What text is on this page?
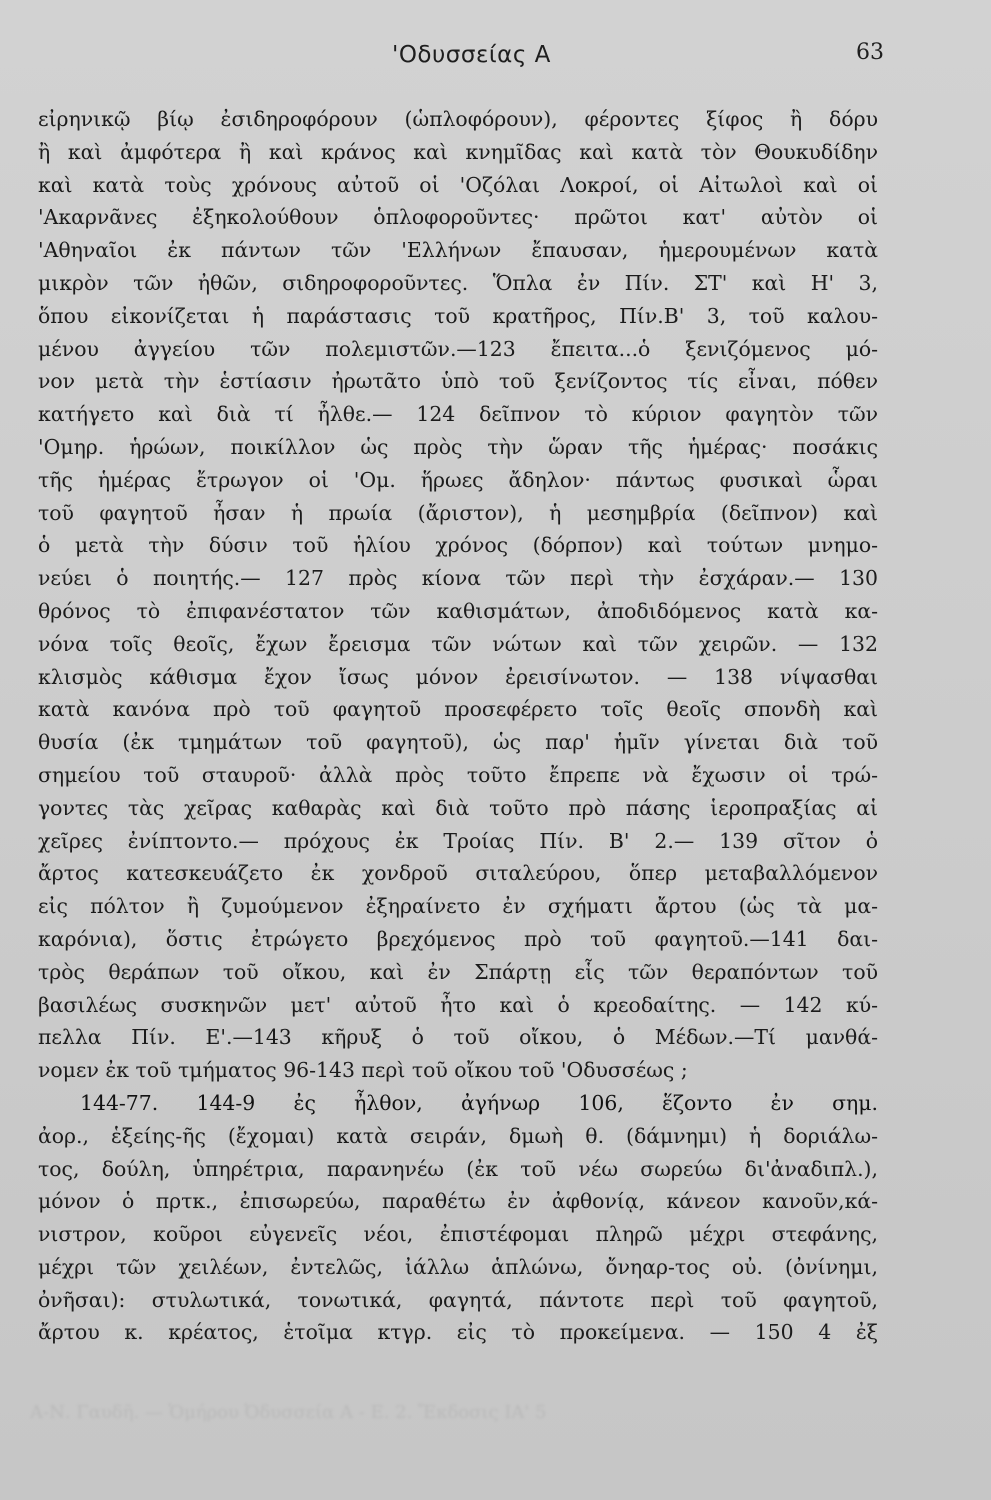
'Οδυσσείας Α	63
εἰρηνικῷ βίῳ ἐσιδηροφόρουν (ὡπλοφόρουν), φέροντες ξίφος ἢ δόρυ
ἢ καὶ ἀμφότερα ἢ καὶ κράνος καὶ κνημῖδας καὶ κατὰ τὸν Θουκυδίδην
καὶ κατὰ τοὺς χρόνους αὐτοῦ οἱ 'Οζόλαι Λοκροί, οἱ Αἰτωλοὶ καὶ οἱ
'Ακαρνᾶνες ἐξηκολούθουν ὁπλοφοροῦντες· πρῶτοι κατ' αὐτὸν οἱ
'Αθηναῖοι ἐκ πάντων τῶν 'Ελλήνων ἔπαυσαν, ἡμερουμένων κατὰ
μικρὸν τῶν ἠθῶν, σιδηροφοροῦντες. Ὅπλα ἐν Πίν. ΣΤ' καὶ Η' 3,
ὅπου εἰκονίζεται ἡ παράστασις τοῦ κρατῆρος, Πίν.Β' 3, τοῦ καλου-
μένου ἀγγείου τῶν πολεμιστῶν.—123 ἔπειτα...ὁ ξενιζόμενος μό-
νον μετὰ τὴν ἑστίασιν ἠρωτᾶτο ὑπὸ τοῦ ξενίζοντος τίς εἶναι, πόθεν
κατήγετο καὶ διὰ τί ἦλθε.— 124 δεῖπνον τὸ κύριον φαγητὸν τῶν
'Ομηρ. ἡρώων, ποικίλλον ὡς πρὸς τὴν ὥραν τῆς ἡμέρας· ποσάκις
τῆς ἡμέρας ἔτρωγον οἱ 'Ομ. ἥρωες ἄδηλον· πάντως φυσικαὶ ὧραι
τοῦ φαγητοῦ ἦσαν ἡ πρωία (ἄριστον), ἡ μεσημβρία (δεῖπνον) καὶ
ὁ μετὰ τὴν δύσιν τοῦ ἡλίου χρόνος (δόρπον) καὶ τούτων μνημο-
νεύει ὁ ποιητής.— 127 πρὸς κίονα τῶν περὶ τὴν ἐσχάραν.— 130
θρόνος τὸ ἐπιφανέστατον τῶν καθισμάτων, ἀποδιδόμενος κατὰ κα-
νόνα τοῖς θεοῖς, ἔχων ἔρεισμα τῶν νώτων καὶ τῶν χειρῶν. — 132
κλισμὸς κάθισμα ἔχον ἴσως μόνον ἐρεισίνωτον. — 138 νίψασθαι
κατὰ κανόνα πρὸ τοῦ φαγητοῦ προσεφέρετο τοῖς θεοῖς σπονδὴ καὶ
θυσία (ἐκ τμημάτων τοῦ φαγητοῦ), ὡς παρ' ἡμῖν γίνεται διὰ τοῦ
σημείου τοῦ σταυροῦ· ἀλλὰ πρὸς τοῦτο ἔπρεπε νὰ ἔχωσιν οἱ τρώ-
γοντες τὰς χεῖρας καθαρὰς καὶ διὰ τοῦτο πρὸ πάσης ἱεροπραξίας αἱ
χεῖρες ἐνίπτοντο.— πρόχους ἐκ Τροίας Πίν. Β' 2.— 139 σῖτον ὁ
ἄρτος κατεσκευάζετο ἐκ χονδροῦ σιταλεύρου, ὅπερ μεταβαλλόμενον
εἰς πόλτον ἢ ζυμούμενον ἐξηραίνετο ἐν σχήματι ἄρτου (ὡς τὰ μα-
καρόνια), ὅστις ἐτρώγετο βρεχόμενος πρὸ τοῦ φαγητοῦ.—141 δαι-
τρὸς θεράπων τοῦ οἴκου, καὶ ἐν Σπάρτῃ εἷς τῶν θεραπόντων τοῦ
βασιλέως συσκηνῶν μετ' αὐτοῦ ἦτο καὶ ὁ κρεοδαίτης. — 142 κύ-
πελλα Πίν. Ε'.—143 κῆρυξ ὁ τοῦ οἴκου, ὁ Μέδων.—Τί μανθά-
νομεν ἐκ τοῦ τμήματος 96-143 περὶ τοῦ οἴκου τοῦ 'Οδυσσέως ;
144-77. 144-9 ἐς ἦλθον, ἀγήνωρ 106, ἕζοντο ἐν σημ.
ἀορ., ἑξείης-ῆς (ἔχομαι) κατὰ σειράν, δμωὴ θ. (δάμνημι) ἡ δοριάλω-
τος, δούλη, ὑπηρέτρια, παρανηνέω (ἐκ τοῦ νέω σωρεύω δι'ἀναδιπλ.),
μόνον ὁ πρτκ., ἐπισωρεύω, παραθέτω ἐν ἀφθονίᾳ, κάνεον κανοῦν,κά-
νιστρον, κοῦροι εὐγενεῖς νέοι, ἐπιστέφομαι πληρῶ μέχρι στεφάνης,
μέχρι τῶν χειλέων, ἐντελῶς, ἰάλλω ἁπλώνω, ὄνηαρ-τος οὐ. (ὀνίνημι,
ὀνῆσαι): στυλωτικά, τονωτικά, φαγητά, πάντοτε περὶ τοῦ φαγητοῦ,
ἄρτου κ. κρέατος, ἑτοῖμα κτγρ. εἰς τὸ προκείμενα. — 150 4 ἐξ
Α-Ν. Γαυδῆ. — Ὁμήρου Ὀδυσσεία Α - Ε. 2. Ἔκδοσις ΙΑ' 5
